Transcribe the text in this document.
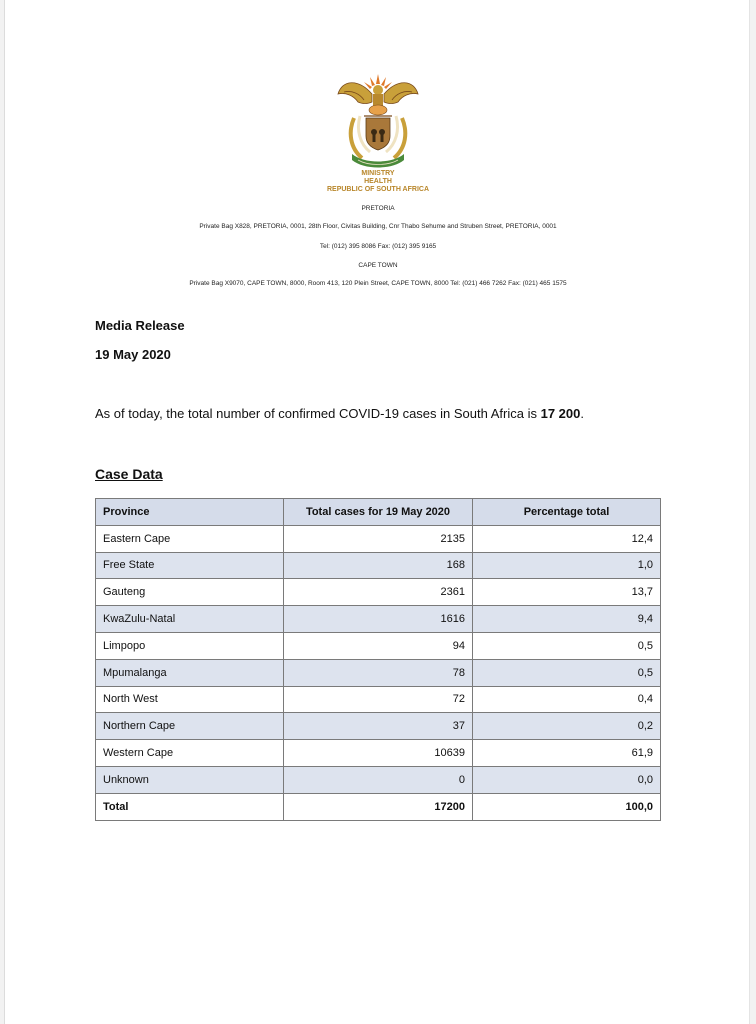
MINISTRY
HEALTH
REPUBLIC OF SOUTH AFRICA
PRETORIA
Private Bag X828, PRETORIA, 0001, 28th Floor, Civitas Building, Cnr Thabo Sehume and Struben Street, PRETORIA, 0001
Tel: (012) 395 8086 Fax: (012) 395 9165
CAPE TOWN
Private Bag X9070, CAPE TOWN, 8000, Room 413, 120 Plein Street, CAPE TOWN, 8000 Tel: (021) 466 7262 Fax: (021) 465 1575
Media Release
19 May 2020
As of today, the total number of confirmed COVID-19 cases in South Africa is 17 200.
Case Data
Province	Total cases for 19 May 2020	Percentage total
Eastern Cape	2135	12,4
Free State	168	1,0
Gauteng	2361	13,7
KwaZulu-Natal	1616	9,4
Limpopo	94	0,5
Mpumalanga	78	0,5
North West	72	0,4
Northern Cape	37	0,2
Western Cape	10639	61,9
Unknown	0	0,0
Total	17200	100,0
